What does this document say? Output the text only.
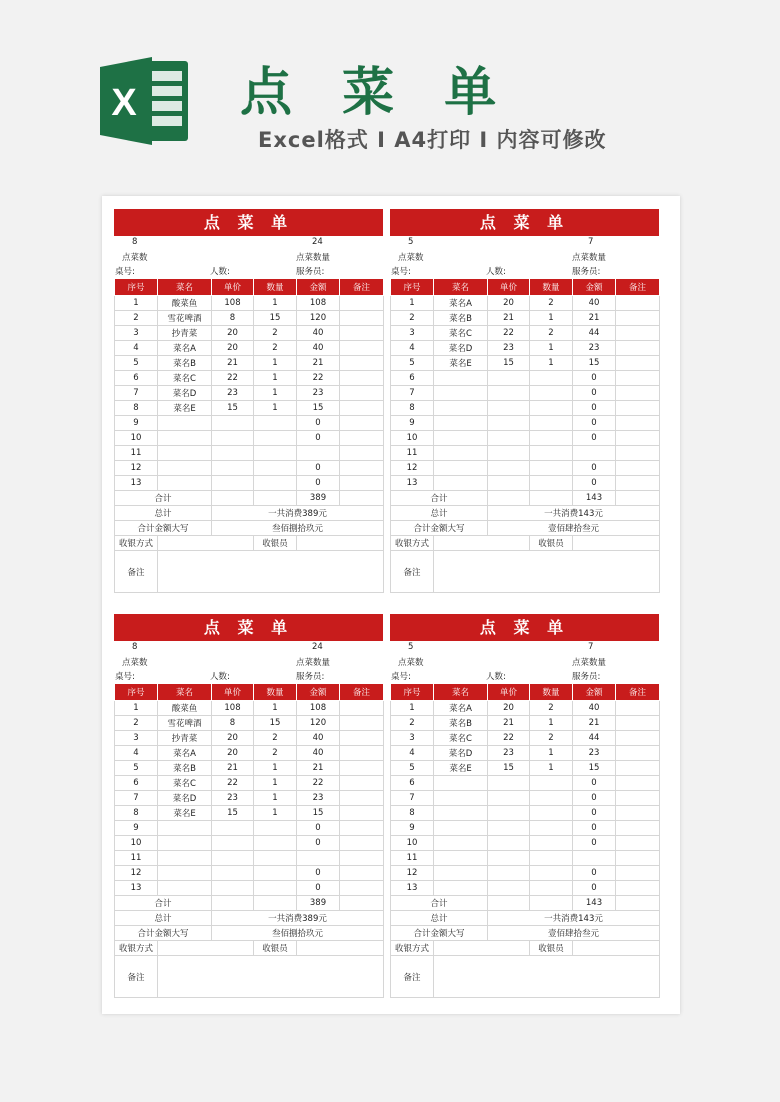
X 点 菜 单
Excel格式 I A4打印 I 内容可修改
点 菜 单
8	24
点菜数	点菜数量
桌号:	人数:	服务员:
序号	菜名	单价	数量	金额	备注
1	酸菜鱼	108	1	108	
2	雪花啤酒	8	15	120	
3	抄青菜	20	2	40	
4	菜名A	20	2	40	
5	菜名B	21	1	21	
6	菜名C	22	1	22	
7	菜名D	23	1	23	
8	菜名E	15	1	15	
9				0	
10				0	
11					
12				0	
13				0	
合计				389	
总计		一共消费389元			
合计金额大写		叁佰捌拾玖元			
收银方式			收银员		
备注					
点 菜 单
5	7
点菜数	点菜数量
桌号:	人数:	服务员:
序号	菜名	单价	数量	金额	备注
1	菜名A	20	2	40	
2	菜名B	21	1	21	
3	菜名C	22	2	44	
4	菜名D	23	1	23	
5	菜名E	15	1	15	
6				0	
7				0	
8				0	
9				0	
10				0	
11					
12				0	
13				0	
合计				143	
总计		一共消费143元			
合计金额大写		壹佰肆拾叁元			
收银方式			收银员		
备注					
点 菜 单
8	24
点菜数	点菜数量
桌号:	人数:	服务员:
序号	菜名	单价	数量	金额	备注
1	酸菜鱼	108	1	108	
2	雪花啤酒	8	15	120	
3	抄青菜	20	2	40	
4	菜名A	20	2	40	
5	菜名B	21	1	21	
6	菜名C	22	1	22	
7	菜名D	23	1	23	
8	菜名E	15	1	15	
9				0	
10				0	
11					
12				0	
13				0	
合计				389	
总计		一共消费389元			
合计金额大写		叁佰捌拾玖元			
收银方式			收银员		
备注					
点 菜 单
5	7
点菜数	点菜数量
桌号:	人数:	服务员:
序号	菜名	单价	数量	金额	备注
1	菜名A	20	2	40	
2	菜名B	21	1	21	
3	菜名C	22	2	44	
4	菜名D	23	1	23	
5	菜名E	15	1	15	
6				0	
7				0	
8				0	
9				0	
10				0	
11					
12				0	
13				0	
合计				143	
总计		一共消费143元			
合计金额大写		壹佰肆拾叁元			
收银方式			收银员		
备注					
